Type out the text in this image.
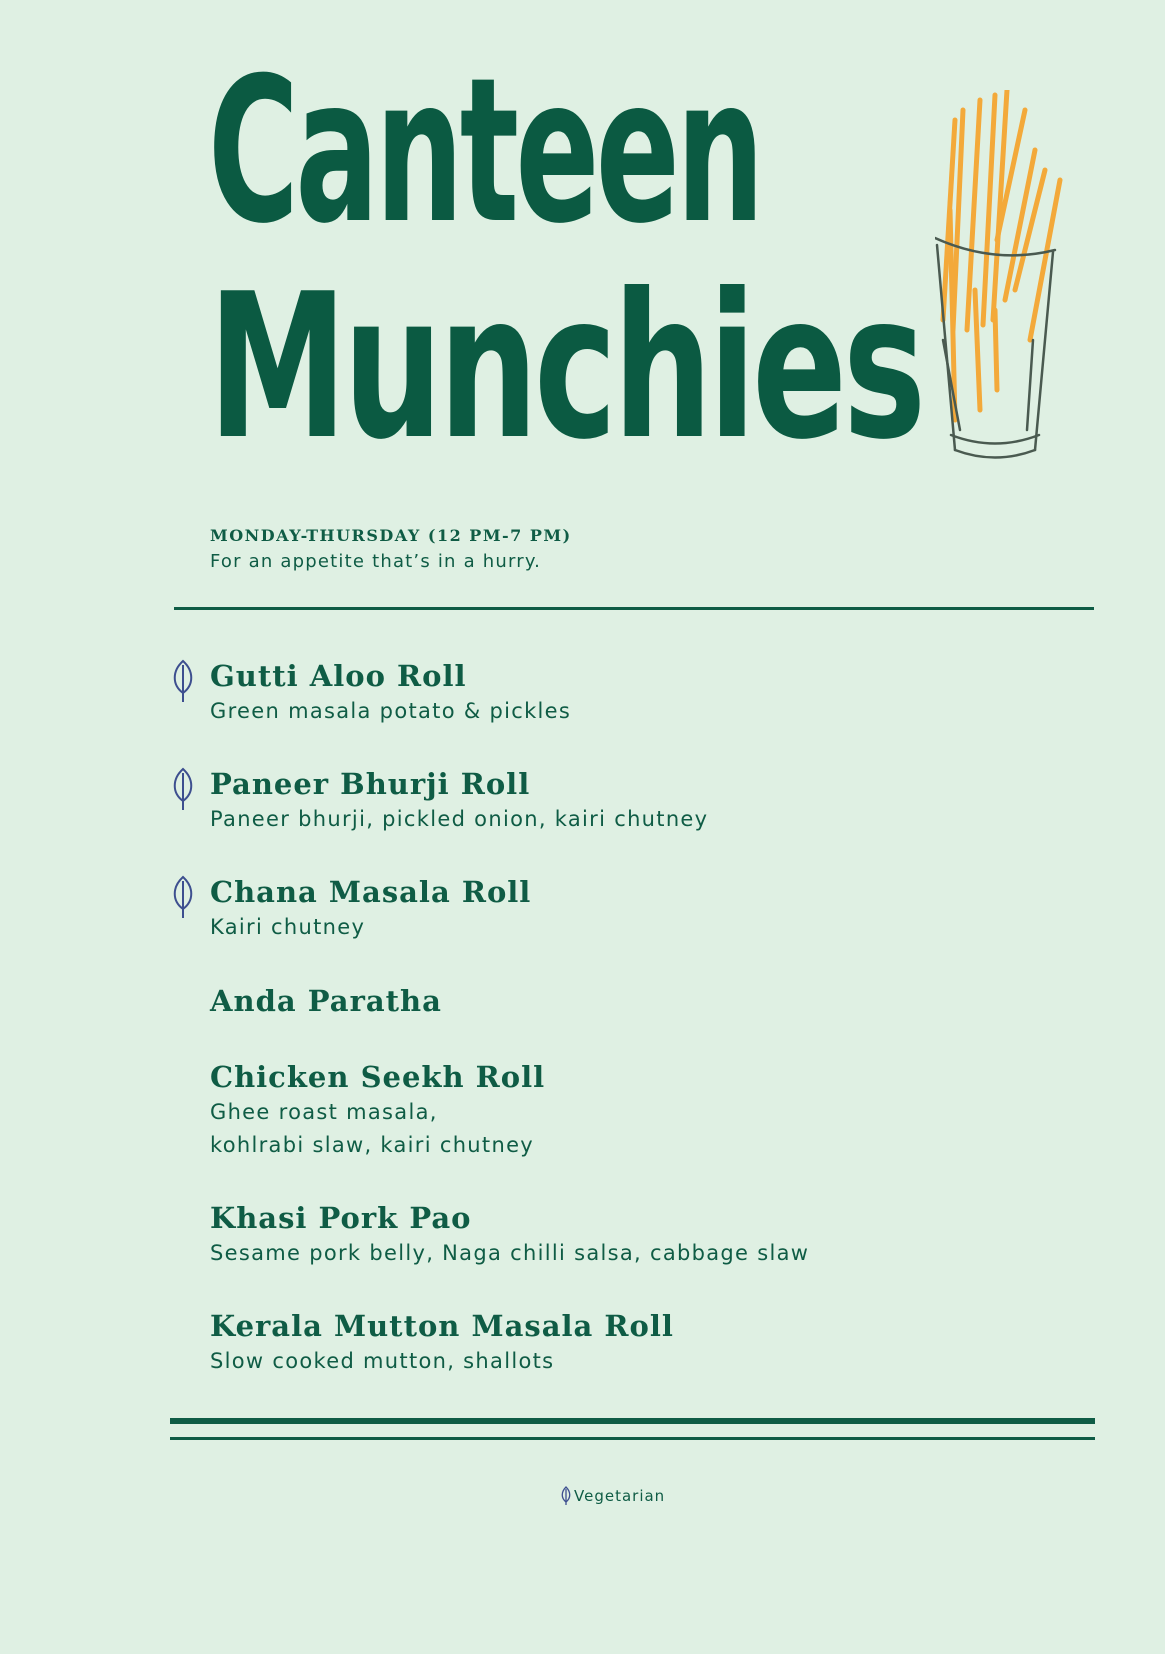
Canteen
Munchies
MONDAY-THURSDAY (12 PM-7 PM)
For an appetite that’s in a hurry.
Gutti Aloo Roll
Green masala potato & pickles
Paneer Bhurji Roll
Paneer bhurji, pickled onion, kairi chutney
Chana Masala Roll
Kairi chutney
Anda Paratha
Chicken Seekh Roll
Ghee roast masala,
kohlrabi slaw, kairi chutney
Khasi Pork Pao
Sesame pork belly, Naga chilli salsa, cabbage slaw
Kerala Mutton Masala Roll
Slow cooked mutton, shallots
Vegetarian
